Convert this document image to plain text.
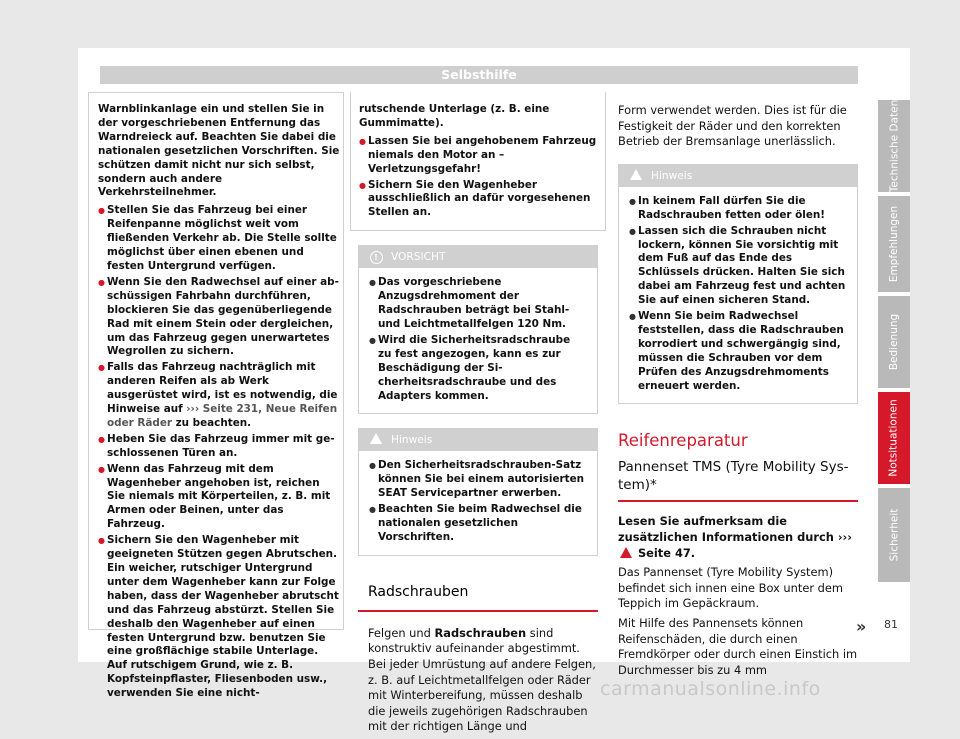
Selbsthilfe

Warnblinkanlage ein und stellen Sie in der vorgeschriebenen Entfernung das Warndreieck auf. Beachten Sie dabei die nationalen gesetzlichen Vorschriften. Sie schützen damit nicht nur sich selbst, sondern auch andere Verkehrsteilnehmer.

● Stellen Sie das Fahrzeug bei einer Reifenpanne möglichst weit vom fließenden Verkehr ab. Die Stelle sollte möglichst über einen ebenen und festen Untergrund verfügen.
● Wenn Sie den Radwechsel auf einer abschüssigen Fahrbahn durchführen, blockieren Sie das gegenüberliegende Rad mit einem Stein oder dergleichen, um das Fahrzeug gegen unerwartetes Wegrollen zu sichern.
● Falls das Fahrzeug nachträglich mit anderen Reifen als ab Werk ausgerüstet wird, ist es notwendig, die Hinweise auf ››› Seite 231, Neue Reifen oder Räder zu beachten.
● Heben Sie das Fahrzeug immer mit geschlossenen Türen an.
● Wenn das Fahrzeug mit dem Wagenheber angehoben ist, reichen Sie niemals mit Körperteilen, z. B. mit Armen oder Beinen, unter das Fahrzeug.
● Sichern Sie den Wagenheber mit geeigneten Stützen gegen Abrutschen. Ein weicher, rutschiger Untergrund unter dem Wagenheber kann zur Folge haben, dass der Wagenheber abrutscht und das Fahrzeug abstürzt. Stellen Sie deshalb den Wagenheber auf einen festen Untergrund bzw. benutzen Sie eine großflächige stabile Unterlage. Auf rutschigem Grund, wie z. B. Kopfsteinpflaster, Fliesenboden usw., verwenden Sie eine nicht-

rutschende Unterlage (z. B. eine Gummimatte).

● Lassen Sie bei angehobenem Fahrzeug niemals den Motor an – Verletzungsgefahr!
● Sichern Sie den Wagenheber ausschließlich an dafür vorgesehenen Stellen an.
! VORSICHT
● Das vorgeschriebene Anzugsdrehmoment der Radschrauben beträgt bei Stahl- und Leichtmetallfelgen 120 Nm.
● Wird die Sicherheitsradschraube zu fest angezogen, kann es zur Beschädigung der Sicherheitsradschraube und des Adapters kommen.
Hinweis
● Den Sicherheitsradschrauben-Satz können Sie bei einem autorisierten SEAT Servicepartner erwerben.
● Beachten Sie beim Radwechsel die nationalen gesetzlichen Vorschriften.
Radschrauben

Felgen und Radschrauben sind konstruktiv aufeinander abgestimmt. Bei jeder Umrüstung auf andere Felgen, z. B. auf Leichtmetallfelgen oder Räder mit Winterbereifung, müssen deshalb die jeweils zugehörigen Radschrauben mit der richtigen Länge und

Form verwendet werden. Dies ist für die Festigkeit der Räder und den korrekten Betrieb der Bremsanlage unerlässlich.

Hinweis
● In keinem Fall dürfen Sie die Radschrauben fetten oder ölen!
● Lassen sich die Schrauben nicht lockern, können Sie vorsichtig mit dem Fuß auf das Ende des Schlüssels drücken. Halten Sie sich dabei am Fahrzeug fest und achten Sie auf einen sicheren Stand.
● Wenn Sie beim Radwechsel feststellen, dass die Radschrauben korrodiert und schwergängig sind, müssen die Schrauben vor dem Prüfen des Anzugsdrehmoments erneuert werden.
Reifenreparatur
Pannenset TMS (Tyre Mobility System)*

Lesen Sie aufmerksam die zusätzlichen Informationen durch ›››  Seite 47.

Das Pannenset (Tyre Mobility System) befindet sich innen eine Box unter dem Teppich im Gepäckraum.

Mit Hilfe des Pannensets können Reifenschäden, die durch einen Fremdkörper oder durch einen Einstich im Durchmesser bis zu 4 mm

Technische Daten
Empfehlungen
Bedienung
Notsituationen
Sicherheit
» 81
carmanualsonline.info
